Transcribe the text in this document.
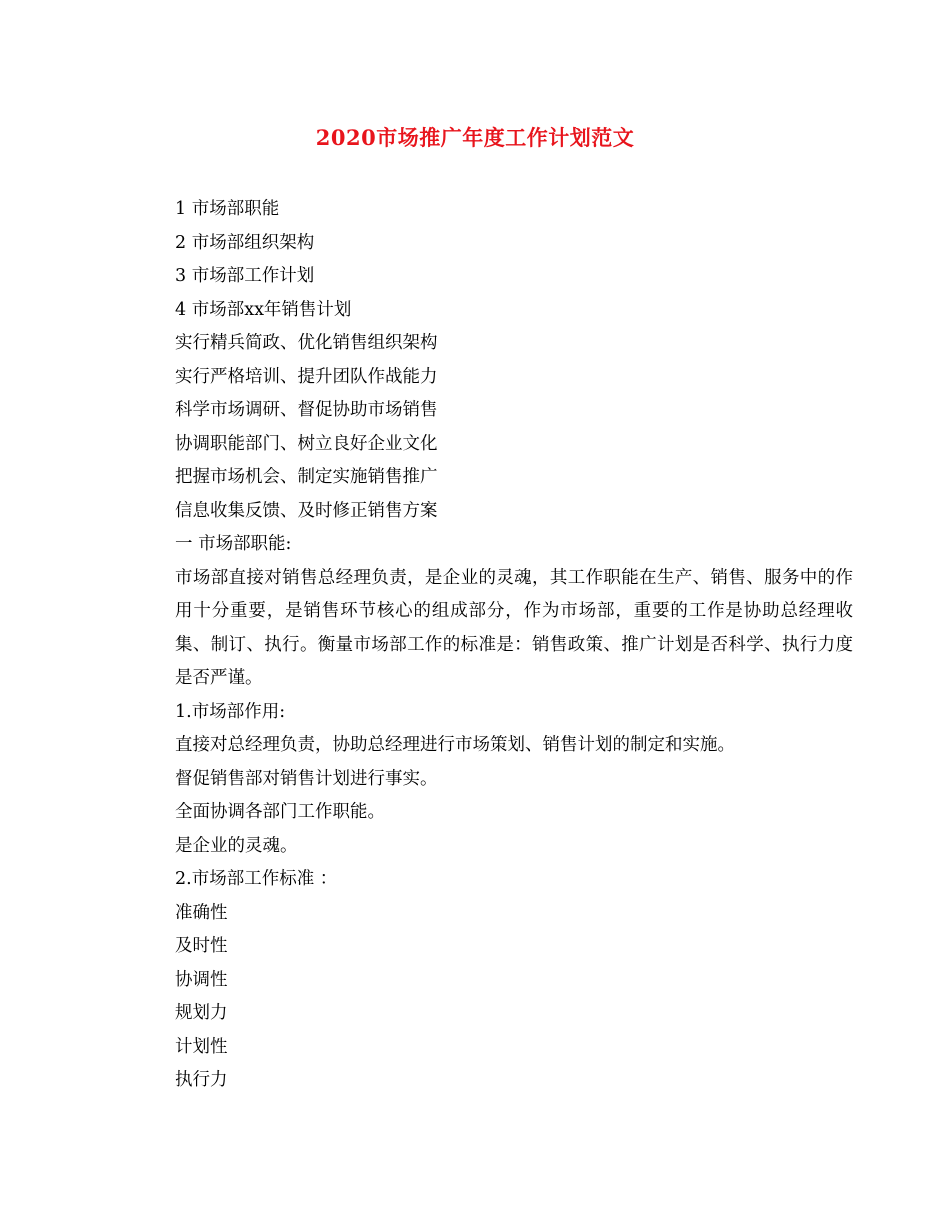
2020市场推广年度工作计划范文
1 市场部职能
2 市场部组织架构
3 市场部工作计划
4 市场部xx年销售计划
实行精兵简政、优化销售组织架构
实行严格培训、提升团队作战能力
科学市场调研、督促协助市场销售
协调职能部门、树立良好企业文化
把握市场机会、制定实施销售推广
信息收集反馈、及时修正销售方案
一 市场部职能:
市场部直接对销售总经理负责，是企业的灵魂，其工作职能在生产、销售、服务中的作用十分重要，是销售环节核心的组成部分，作为市场部，重要的工作是协助总经理收集、制订、执行。衡量市场部工作的标准是：销售政策、推广计划是否科学、执行力度是否严谨。
1.市场部作用:
直接对总经理负责，协助总经理进行市场策划、销售计划的制定和实施。
督促销售部对销售计划进行事实。
全面协调各部门工作职能。
是企业的灵魂。
2.市场部工作标准 ：
准确性
及时性
协调性
规划力
计划性
执行力
